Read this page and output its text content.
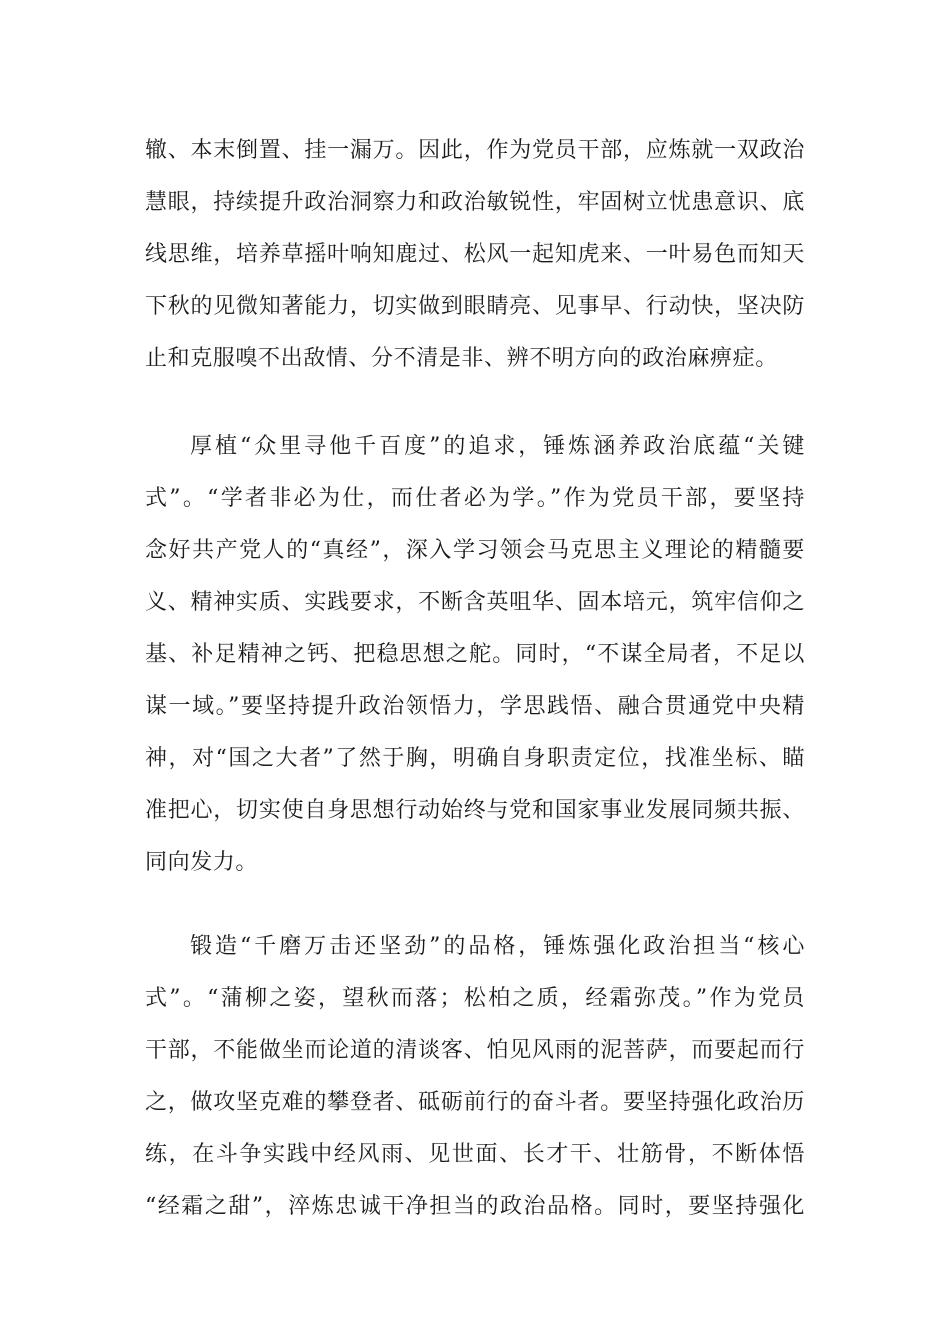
辙、本末倒置、挂一漏万。因此，作为党员干部，应炼就一双政治
慧眼，持续提升政治洞察力和政治敏锐性，牢固树立忧患意识、底
线思维，培养草摇叶响知鹿过、松风一起知虎来、一叶易色而知天
下秋的见微知著能力，切实做到眼睛亮、见事早、行动快，坚决防
止和克服嗅不出敌情、分不清是非、辨不明方向的政治麻痹症。
厚植“众里寻他千百度”的追求，锤炼涵养政治底蕴“关键
式”。“学者非必为仕，而仕者必为学。”作为党员干部，要坚持
念好共产党人的“真经”，深入学习领会马克思主义理论的精髓要
义、精神实质、实践要求，不断含英咀华、固本培元，筑牢信仰之
基、补足精神之钙、把稳思想之舵。同时，“不谋全局者，不足以
谋一域。”要坚持提升政治领悟力，学思践悟、融合贯通党中央精
神，对“国之大者”了然于胸，明确自身职责定位，找准坐标、瞄
准把心，切实使自身思想行动始终与党和国家事业发展同频共振、
同向发力。
锻造“千磨万击还坚劲”的品格，锤炼强化政治担当“核心
式”。“蒲柳之姿，望秋而落；松柏之质，经霜弥茂。”作为党员
干部，不能做坐而论道的清谈客、怕见风雨的泥菩萨，而要起而行
之，做攻坚克难的攀登者、砥砺前行的奋斗者。要坚持强化政治历
练，在斗争实践中经风雨、见世面、长才干、壮筋骨，不断体悟
“经霜之甜”，淬炼忠诚干净担当的政治品格。同时，要坚持强化
